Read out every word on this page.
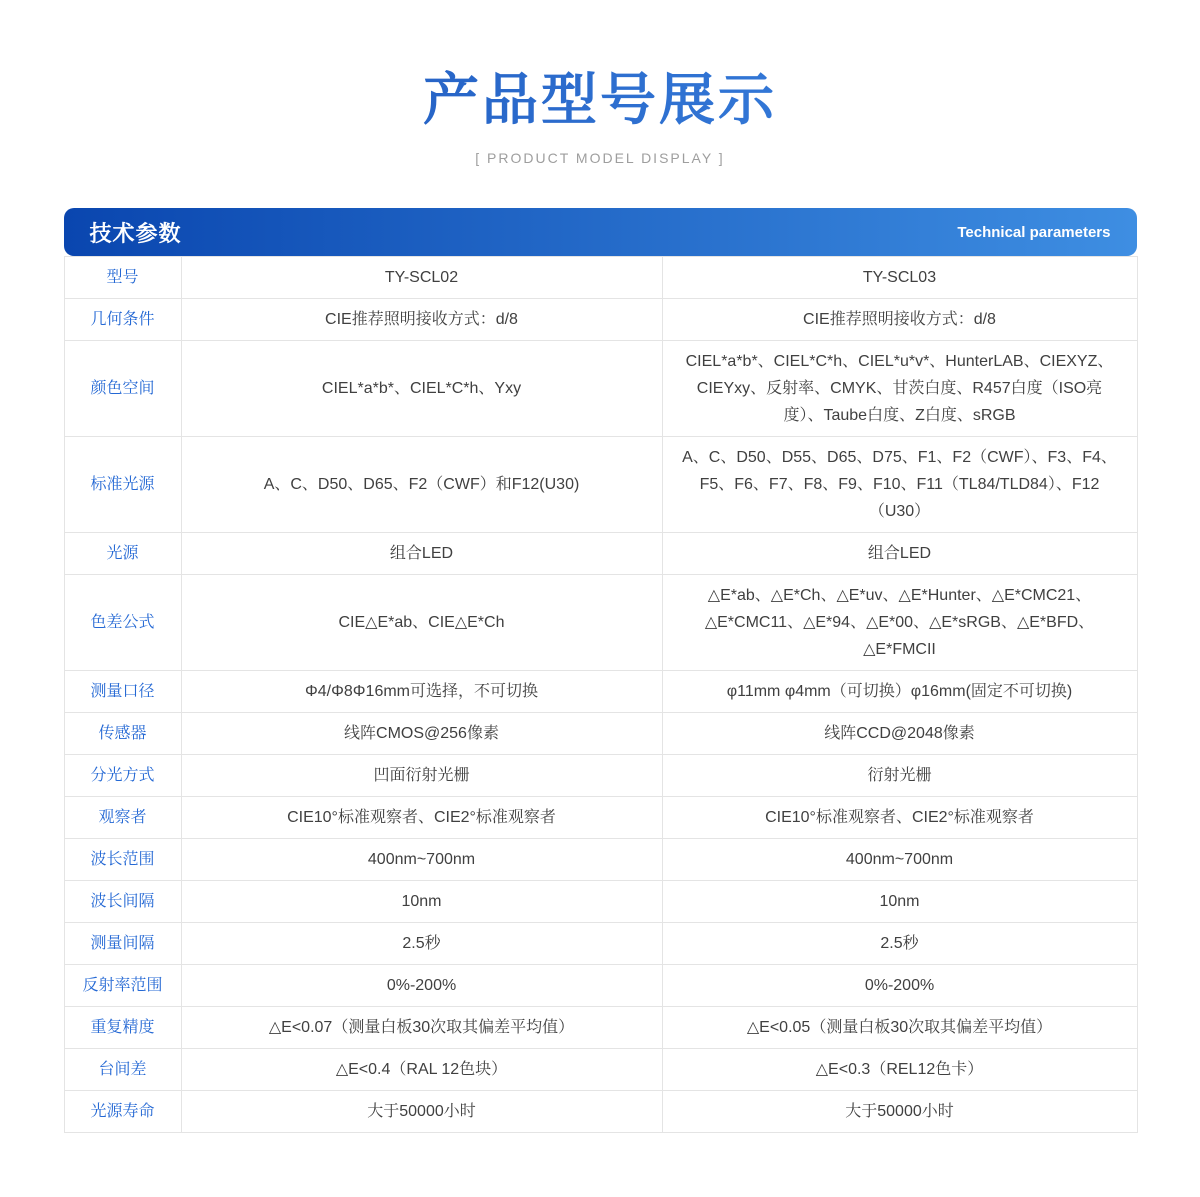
产品型号展示
[ PRODUCT MODEL DISPLAY ]
技术参数	Technical parameters
型号	TY-SCL02	TY-SCL03
几何条件	CIE推荐照明接收方式：d/8	CIE推荐照明接收方式：d/8
颜色空间	CIEL*a*b*、CIEL*C*h、Yxy	CIEL*a*b*、CIEL*C*h、CIEL*u*v*、HunterLAB、CIEXYZ、CIEYxy、反射率、CMYK、甘茨白度、R457白度（ISO亮度）、Taube白度、Z白度、sRGB
标准光源	A、C、D50、D65、F2（CWF）和F12(U30)	A、C、D50、D55、D65、D75、F1、F2（CWF）、F3、F4、F5、F6、F7、F8、F9、F10、F11（TL84/TLD84）、F12（U30）
光源	组合LED	组合LED
色差公式	CIE△E*ab、CIE△E*Ch	△E*ab、△E*Ch、△E*uv、△E*Hunter、△E*CMC21、△E*CMC11、△E*94、△E*00、△E*sRGB、△E*BFD、△E*FMCII
测量口径	Φ4/Φ8Φ16mm可选择，不可切换	φ11mm φ4mm（可切换）φ16mm(固定不可切换)
传感器	线阵CMOS@256像素	线阵CCD@2048像素
分光方式	凹面衍射光栅	衍射光栅
观察者	CIE10°标准观察者、CIE2°标准观察者	CIE10°标准观察者、CIE2°标准观察者
波长范围	400nm~700nm	400nm~700nm
波长间隔	10nm	10nm
测量间隔	2.5秒	2.5秒
反射率范围	0%-200%	0%-200%
重复精度	△E<0.07（测量白板30次取其偏差平均值）	△E<0.05（测量白板30次取其偏差平均值）
台间差	△E<0.4（RAL 12色块）	△E<0.3（REL12色卡）
光源寿命	大于50000小时	大于50000小时
